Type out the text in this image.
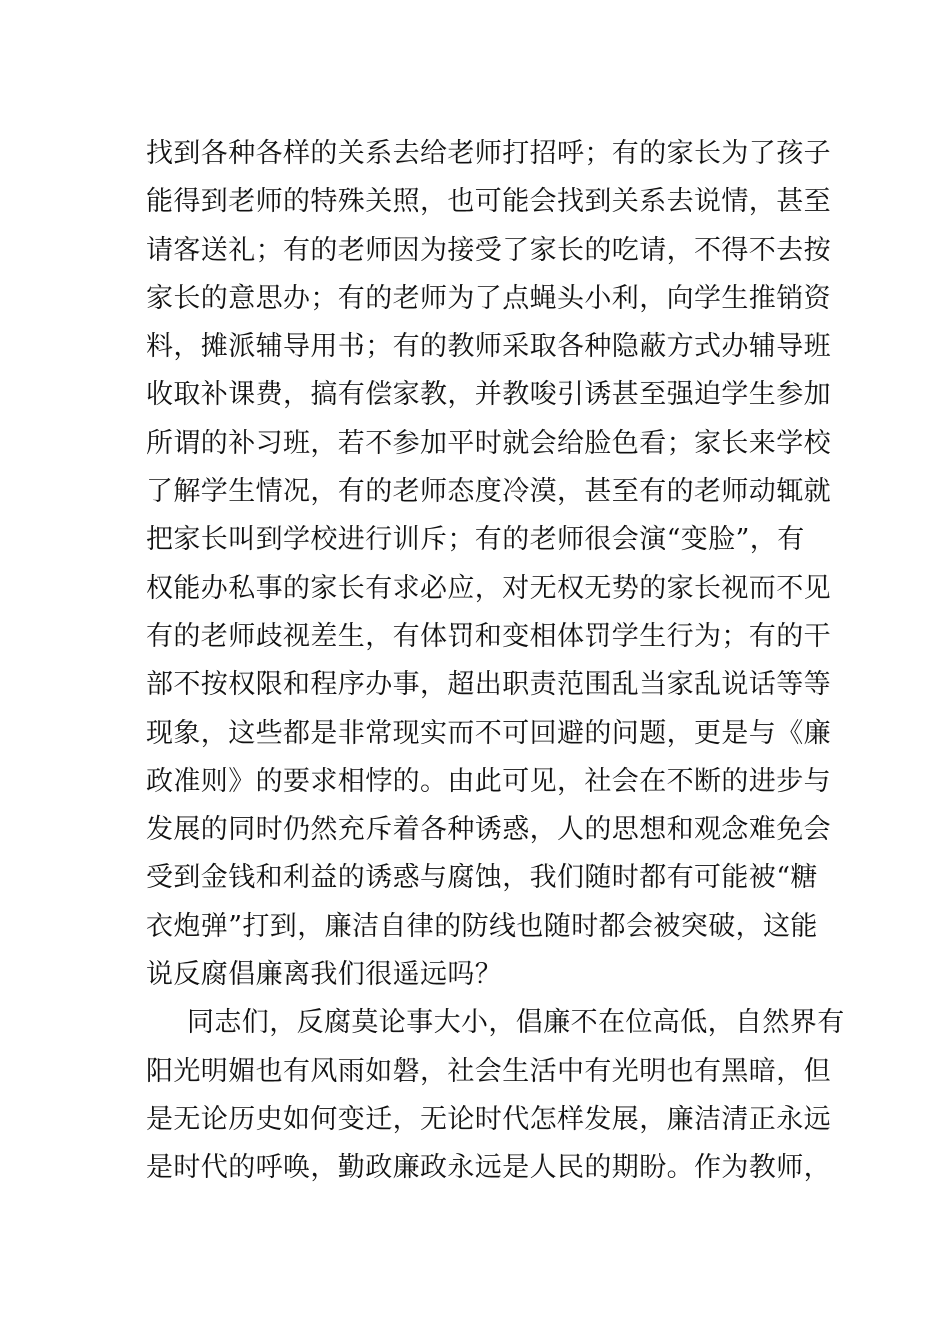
找到各种各样的关系去给老师打招呼；有的家长为了孩子
能得到老师的特殊关照，也可能会找到关系去说情，甚至
请客送礼；有的老师因为接受了家长的吃请，不得不去按
家长的意思办；有的老师为了点蝇头小利，向学生推销资
料，摊派辅导用书；有的教师采取各种隐蔽方式办辅导班
收取补课费，搞有偿家教，并教唆引诱甚至强迫学生参加
所谓的补习班，若不参加平时就会给脸色看；家长来学校
了解学生情况，有的老师态度冷漠，甚至有的老师动辄就
把家长叫到学校进行训斥；有的老师很会演“变脸”，有
权能办私事的家长有求必应，对无权无势的家长视而不见
有的老师歧视差生，有体罚和变相体罚学生行为；有的干
部不按权限和程序办事，超出职责范围乱当家乱说话等等
现象，这些都是非常现实而不可回避的问题，更是与《廉
政准则》的要求相悖的。由此可见，社会在不断的进步与
发展的同时仍然充斥着各种诱惑，人的思想和观念难免会
受到金钱和利益的诱惑与腐蚀，我们随时都有可能被“糖
衣炮弹”打到，廉洁自律的防线也随时都会被突破，这能
说反腐倡廉离我们很遥远吗？
同志们，反腐莫论事大小，倡廉不在位高低，自然界有
阳光明媚也有风雨如磐，社会生活中有光明也有黑暗，但
是无论历史如何变迁，无论时代怎样发展，廉洁清正永远
是时代的呼唤，勤政廉政永远是人民的期盼。作为教师，
